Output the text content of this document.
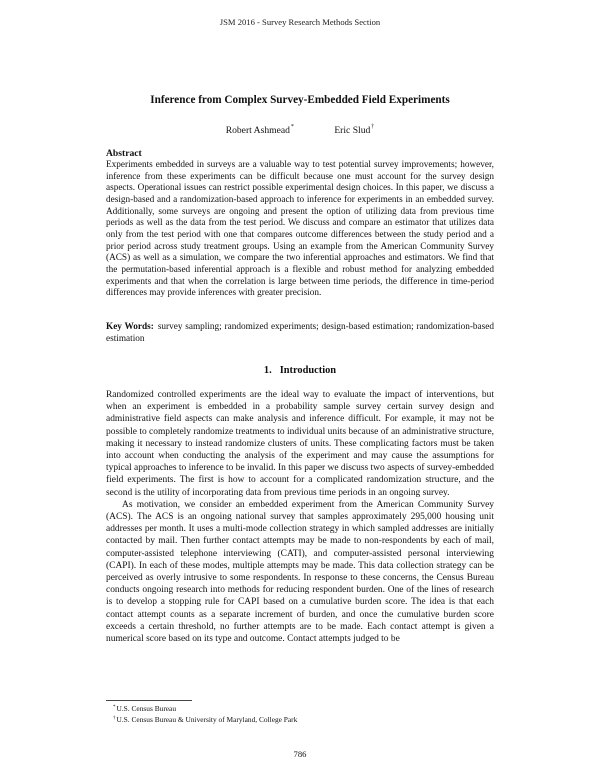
JSM 2016 - Survey Research Methods Section
Inference from Complex Survey-Embedded Field Experiments
Robert Ashmead*	Eric Slud†
Abstract
Experiments embedded in surveys are a valuable way to test potential survey improvements; however, inference from these experiments can be difficult because one must account for the survey design aspects. Operational issues can restrict possible experimental design choices. In this paper, we discuss a design-based and a randomization-based approach to inference for experiments in an embedded survey. Additionally, some surveys are ongoing and present the option of utilizing data from previous time periods as well as the data from the test period. We discuss and compare an estimator that utilizes data only from the test period with one that compares outcome differences between the study period and a prior period across study treatment groups. Using an example from the American Community Survey (ACS) as well as a simulation, we compare the two inferential approaches and estimators. We find that the permutation-based inferential approach is a flexible and robust method for analyzing embedded experiments and that when the correlation is large between time periods, the difference in time-period differences may provide inferences with greater precision.
Key Words: survey sampling; randomized experiments; design-based estimation; randomization-based estimation
1. Introduction

Randomized controlled experiments are the ideal way to evaluate the impact of interventions, but when an experiment is embedded in a probability sample survey certain survey design and administrative field aspects can make analysis and inference difficult. For example, it may not be possible to completely randomize treatments to individual units because of an administrative structure, making it necessary to instead randomize clusters of units. These complicating factors must be taken into account when conducting the analysis of the experiment and may cause the assumptions for typical approaches to inference to be invalid. In this paper we discuss two aspects of survey-embedded field experiments. The first is how to account for a complicated randomization structure, and the second is the utility of incorporating data from previous time periods in an ongoing survey.

As motivation, we consider an embedded experiment from the American Community Survey (ACS). The ACS is an ongoing national survey that samples approximately 295,000 housing unit addresses per month. It uses a multi-mode collection strategy in which sampled addresses are initially contacted by mail. Then further contact attempts may be made to non-respondents by each of mail, computer-assisted telephone interviewing (CATI), and computer-assisted personal interviewing (CAPI). In each of these modes, multiple attempts may be made. This data collection strategy can be perceived as overly intrusive to some respondents. In response to these concerns, the Census Bureau conducts ongoing research into methods for reducing respondent burden. One of the lines of research is to develop a stopping rule for CAPI based on a cumulative burden score. The idea is that each contact attempt counts as a separate increment of burden, and once the cumulative burden score exceeds a certain threshold, no further attempts are to be made. Each contact attempt is given a numerical score based on its type and outcome. Contact attempts judged to be

*U.S. Census Bureau
†U.S. Census Bureau & University of Maryland, College Park
786
